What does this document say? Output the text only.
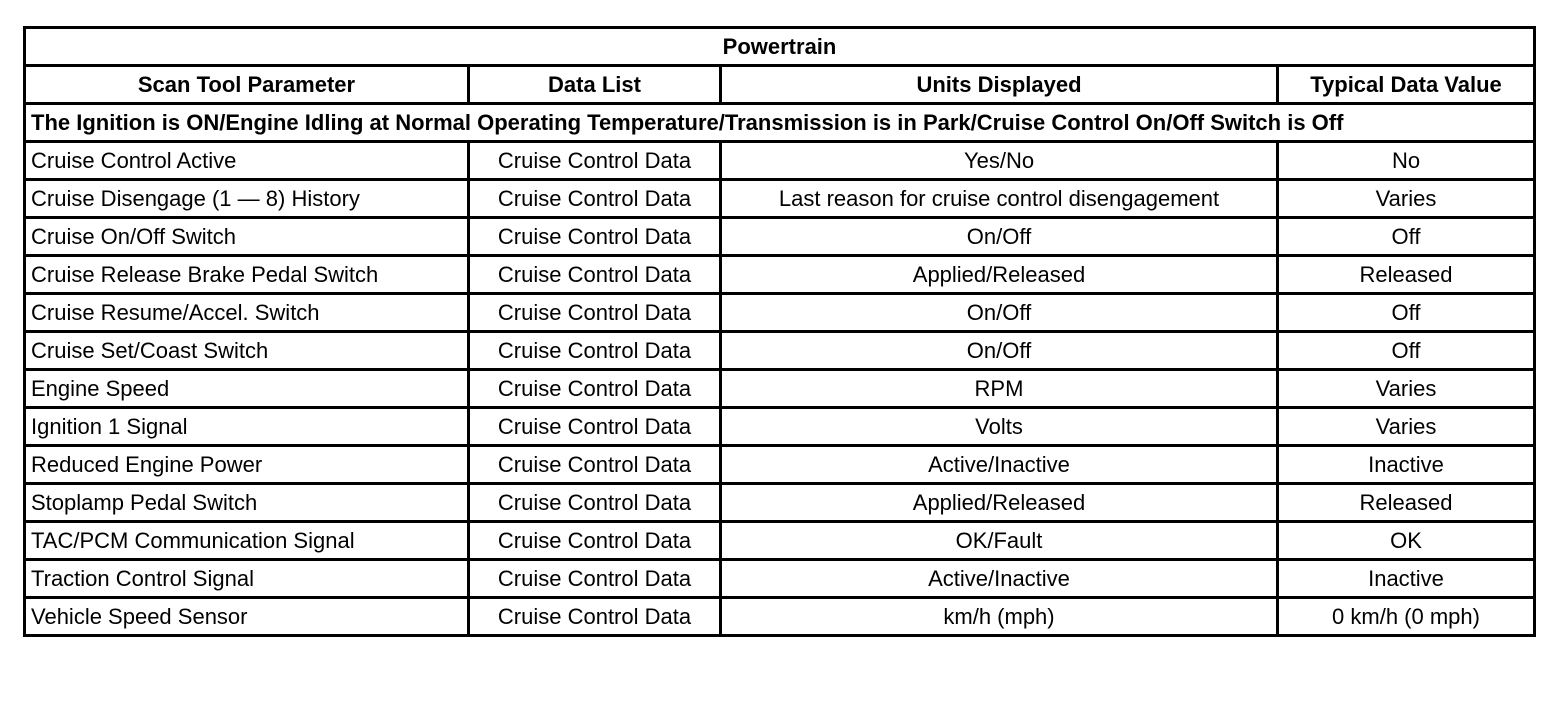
Powertrain			
Scan Tool Parameter	Data List	Units Displayed	Typical Data Value
The Ignition is ON/Engine Idling at Normal Operating Temperature/Transmission is in Park/Cruise Control On/Off Switch is Off			
Cruise Control Active	Cruise Control Data	Yes/No	No
Cruise Disengage (1 — 8) History	Cruise Control Data	Last reason for cruise control disengagement	Varies
Cruise On/Off Switch	Cruise Control Data	On/Off	Off
Cruise Release Brake Pedal Switch	Cruise Control Data	Applied/Released	Released
Cruise Resume/Accel. Switch	Cruise Control Data	On/Off	Off
Cruise Set/Coast Switch	Cruise Control Data	On/Off	Off
Engine Speed	Cruise Control Data	RPM	Varies
Ignition 1 Signal	Cruise Control Data	Volts	Varies
Reduced Engine Power	Cruise Control Data	Active/Inactive	Inactive
Stoplamp Pedal Switch	Cruise Control Data	Applied/Released	Released
TAC/PCM Communication Signal	Cruise Control Data	OK/Fault	OK
Traction Control Signal	Cruise Control Data	Active/Inactive	Inactive
Vehicle Speed Sensor	Cruise Control Data	km/h (mph)	0 km/h (0 mph)
